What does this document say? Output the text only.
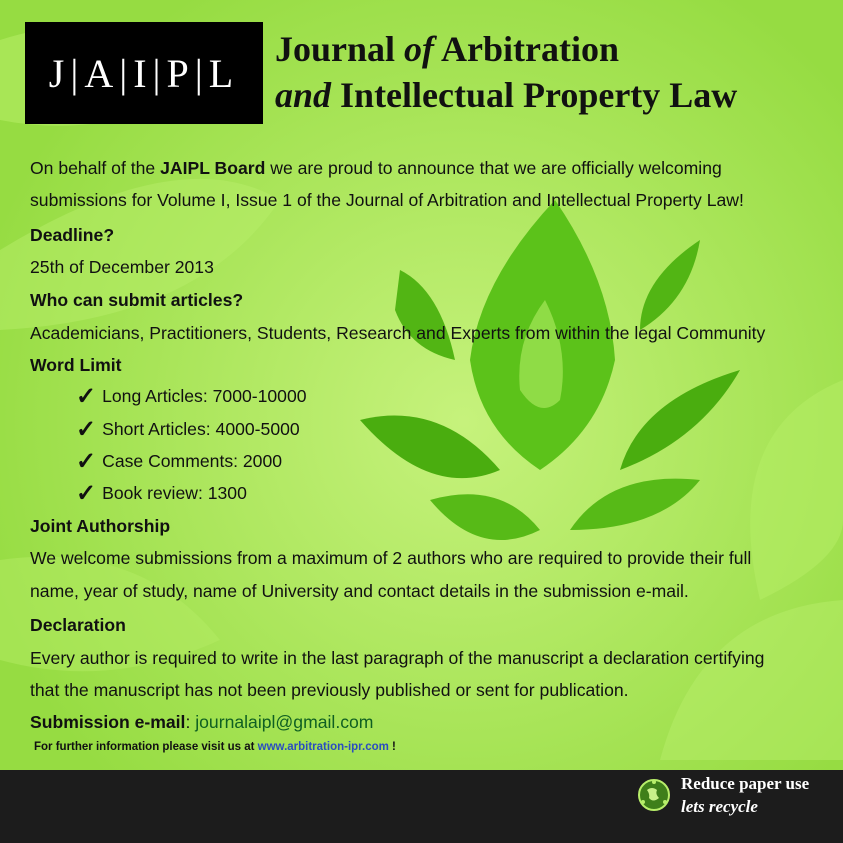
J|A|I|P|L
Journal of Arbitration
and Intellectual Property Law
On behalf of the JAIPL Board we are proud to announce that we are officially welcoming
submissions for Volume I, Issue 1 of the Journal of Arbitration and Intellectual Property Law!
Deadline?
25th of December 2013
Who can submit articles?
Academicians, Practitioners, Students, Research and Experts from within the legal Community
Word Limit
✓ Long Articles: 7000-10000
✓ Short Articles: 4000-5000
✓ Case Comments: 2000
✓ Book review: 1300
Joint Authorship
We welcome submissions from a maximum of 2 authors who are required to provide their full
name, year of study, name of University and contact details in the submission e-mail.
Declaration
Every author is required to write in the last paragraph of the manuscript a declaration certifying
that the manuscript has not been previously published or sent for publication.
Submission e-mail: journalaipl@gmail.com
For further information please visit us at www.arbitration-ipr.com !
Reduce paper use
lets recycle
